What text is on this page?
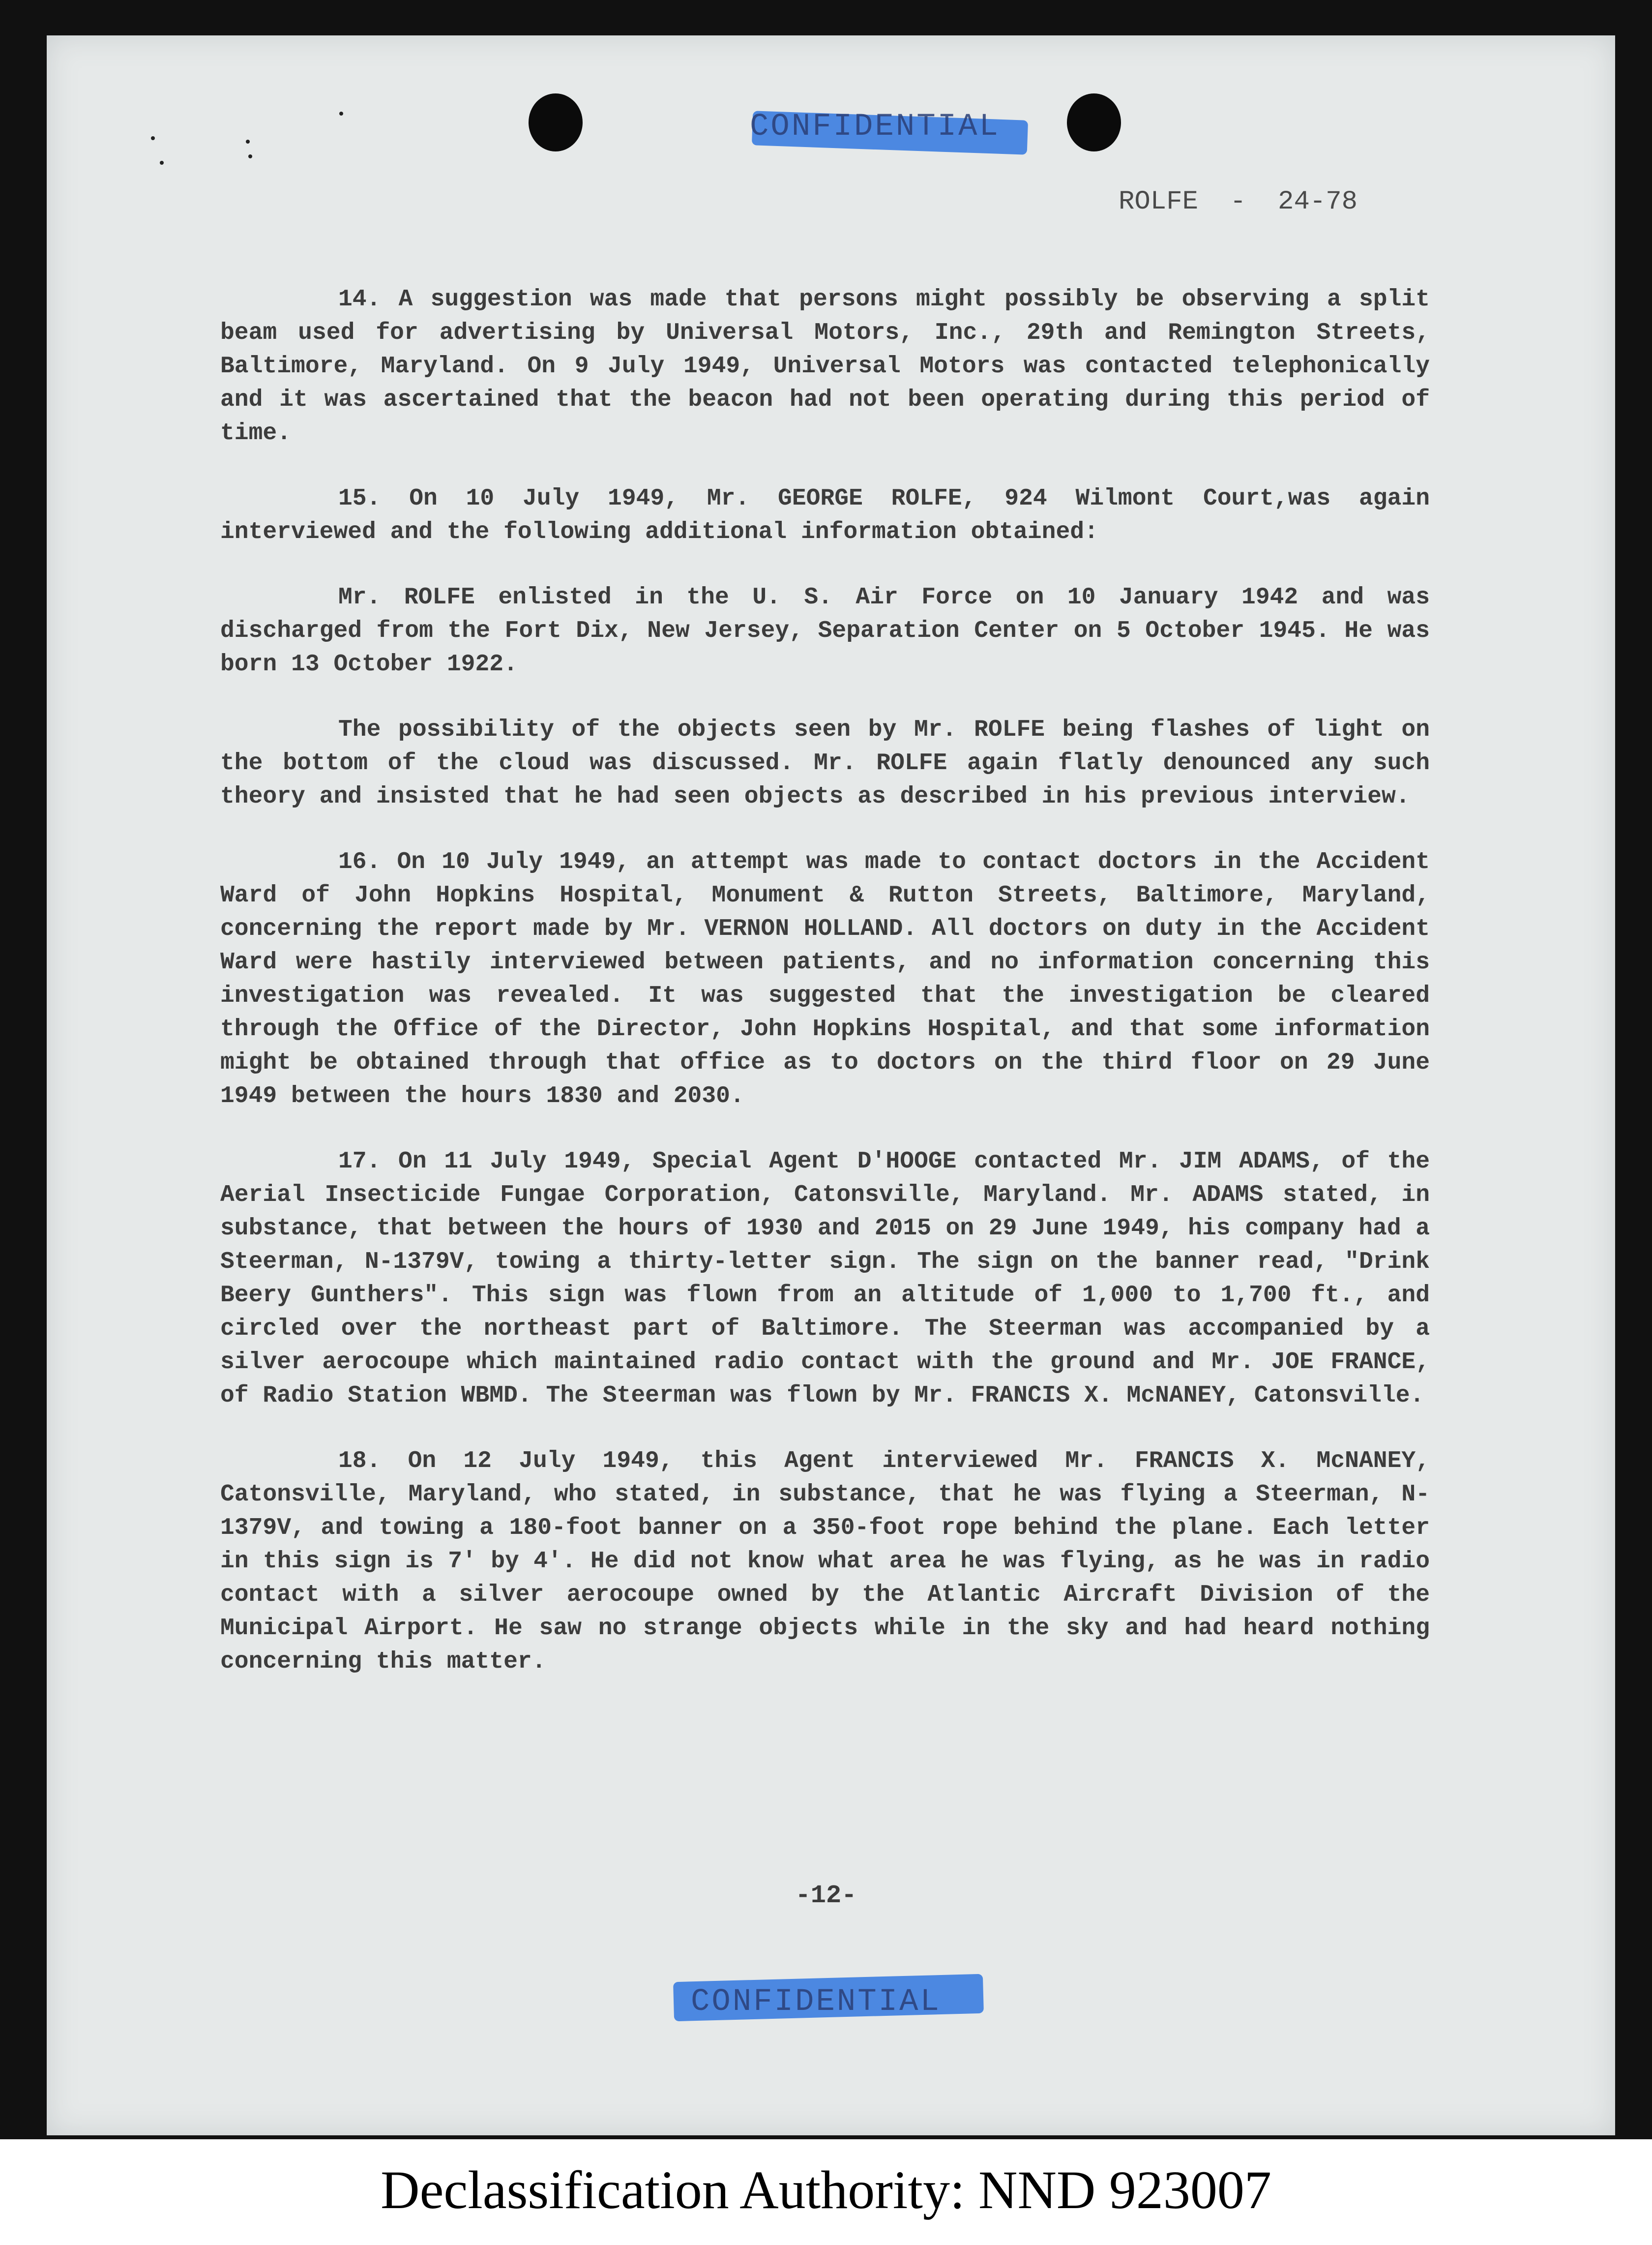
CONFIDENTIAL
ROLFE  -  24-78

14. A suggestion was made that persons might possibly be observing a split beam used for advertising by Universal Motors, Inc., 29th and Remington Streets, Baltimore, Maryland. On 9 July 1949, Universal Motors was contacted telephonically and it was ascertained that the beacon had not been operating during this period of time.

15. On 10 July 1949, Mr. GEORGE ROLFE, 924 Wilmont Court,was again interviewed and the following additional information obtained:

Mr. ROLFE enlisted in the U. S. Air Force on 10 January 1942 and was discharged from the Fort Dix, New Jersey, Separation Center on 5 October 1945. He was born 13 October 1922.

The possibility of the objects seen by Mr. ROLFE being flashes of light on the bottom of the cloud was discussed. Mr. ROLFE again flatly denounced any such theory and insisted that he had seen objects as described in his previous interview.

16. On 10 July 1949, an attempt was made to contact doctors in the Accident Ward of John Hopkins Hospital, Monument & Rutton Streets, Baltimore, Maryland, concerning the report made by Mr. VERNON HOLLAND. All doctors on duty in the Accident Ward were hastily interviewed between patients, and no information concerning this investigation was revealed. It was suggested that the investigation be cleared through the Office of the Director, John Hopkins Hospital, and that some information might be obtained through that office as to doctors on the third floor on 29 June 1949 between the hours 1830 and 2030.

17. On 11 July 1949, Special Agent D'HOOGE contacted Mr. JIM ADAMS, of the Aerial Insecticide Fungae Corporation, Catonsville, Maryland. Mr. ADAMS stated, in substance, that between the hours of 1930 and 2015 on 29 June 1949, his company had a Steerman, N-1379V, towing a thirty-letter sign. The sign on the banner read, "Drink Beery Gunthers". This sign was flown from an altitude of 1,000 to 1,700 ft., and circled over the northeast part of Baltimore. The Steerman was accompanied by a silver aerocoupe which maintained radio contact with the ground and Mr. JOE FRANCE, of Radio Station WBMD. The Steerman was flown by Mr. FRANCIS X. McNANEY, Catonsville.

18. On 12 July 1949, this Agent interviewed Mr. FRANCIS X. McNANEY, Catonsville, Maryland, who stated, in substance, that he was flying a Steerman, N-1379V, and towing a 180-foot banner on a 350-foot rope behind the plane. Each letter in this sign is 7' by 4'. He did not know what area he was flying, as he was in radio contact with a silver aerocoupe owned by the Atlantic Aircraft Division of the Municipal Airport. He saw no strange objects while in the sky and had heard nothing concerning this matter.

-12-
CONFIDENTIAL
Declassification Authority: NND 923007
